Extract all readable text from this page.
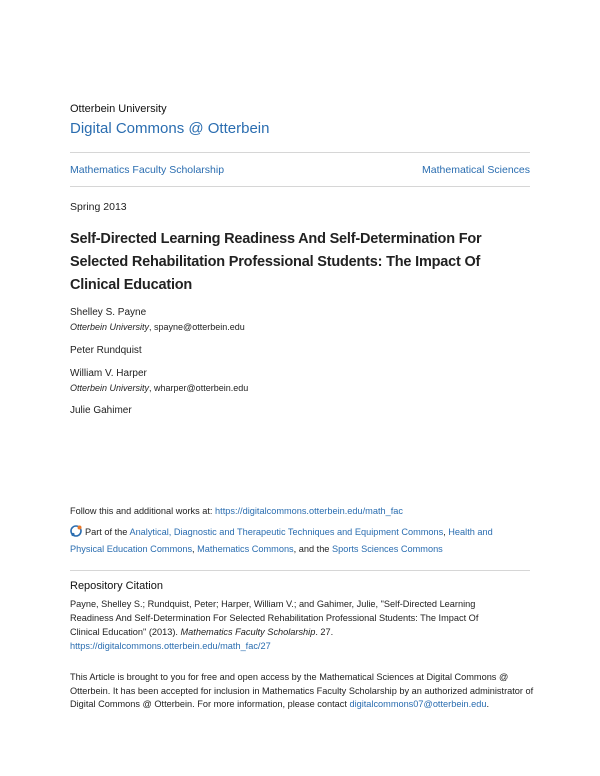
Otterbein University
Digital Commons @ Otterbein
Mathematics Faculty Scholarship	Mathematical Sciences
Spring 2013
Self-Directed Learning Readiness And Self-Determination For
Selected Rehabilitation Professional Students: The Impact Of
Clinical Education
Shelley S. Payne
Otterbein University, spayne@otterbein.edu
Peter Rundquist
William V. Harper
Otterbein University, wharper@otterbein.edu
Julie Gahimer
Follow this and additional works at: https://digitalcommons.otterbein.edu/math_fac
Part of the Analytical, Diagnostic and Therapeutic Techniques and Equipment Commons, Health and
Physical Education Commons, Mathematics Commons, and the Sports Sciences Commons
Repository Citation
Payne, Shelley S.; Rundquist, Peter; Harper, William V.; and Gahimer, Julie, "Self-Directed Learning
Readiness And Self-Determination For Selected Rehabilitation Professional Students: The Impact Of
Clinical Education" (2013). Mathematics Faculty Scholarship. 27.
https://digitalcommons.otterbein.edu/math_fac/27
This Article is brought to you for free and open access by the Mathematical Sciences at Digital Commons @
Otterbein. It has been accepted for inclusion in Mathematics Faculty Scholarship by an authorized administrator of
Digital Commons @ Otterbein. For more information, please contact digitalcommons07@otterbein.edu.
